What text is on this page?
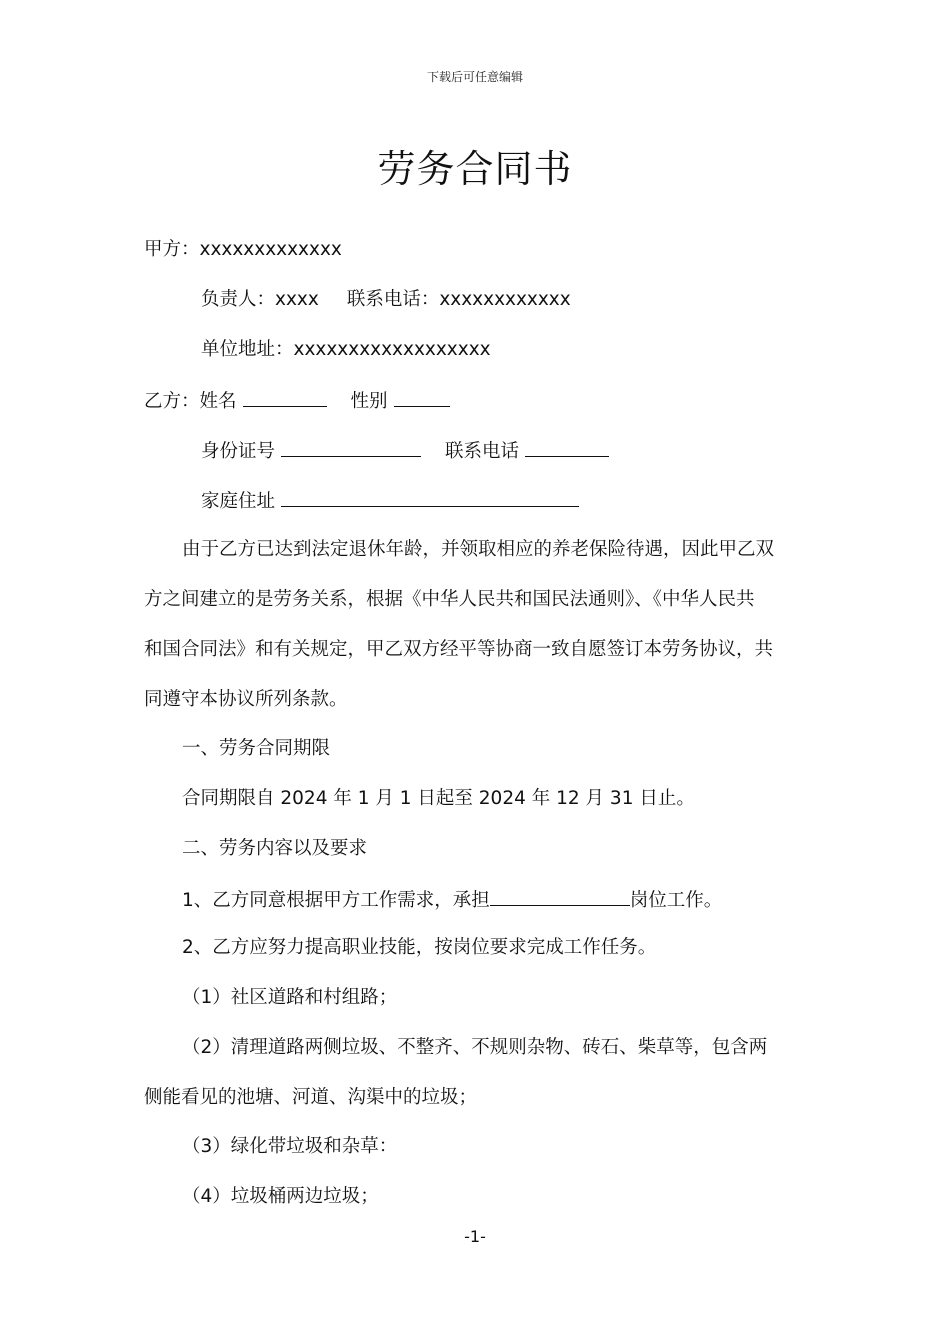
下载后可任意编辑
劳务合同书
甲方：xxxxxxxxxxxxx
负责人：xxxx 联系电话：xxxxxxxxxxxx
单位地址：xxxxxxxxxxxxxxxxxx
乙方：姓名	性别
身份证号	联系电话
家庭住址
由于乙方已达到法定退休年龄，并领取相应的养老保险待遇，因此甲乙双
方之间建立的是劳务关系，根据《中华人民共和国民法通则》、《中华人民共
和国合同法》和有关规定，甲乙双方经平等协商一致自愿签订本劳务协议，共
同遵守本协议所列条款。
一、劳务合同期限
合同期限自 2024 年 1 月 1 日起至 2024 年 12 月 31 日止。
二、劳务内容以及要求
1、乙方同意根据甲方工作需求，承担	岗位工作。
2、乙方应努力提高职业技能，按岗位要求完成工作任务。
（1）社区道路和村组路；
（2）清理道路两侧垃圾、不整齐、不规则杂物、砖石、柴草等，包含两
侧能看见的池塘、河道、沟渠中的垃圾；
（3）绿化带垃圾和杂草：
（4）垃圾桶两边垃圾；
-1-
